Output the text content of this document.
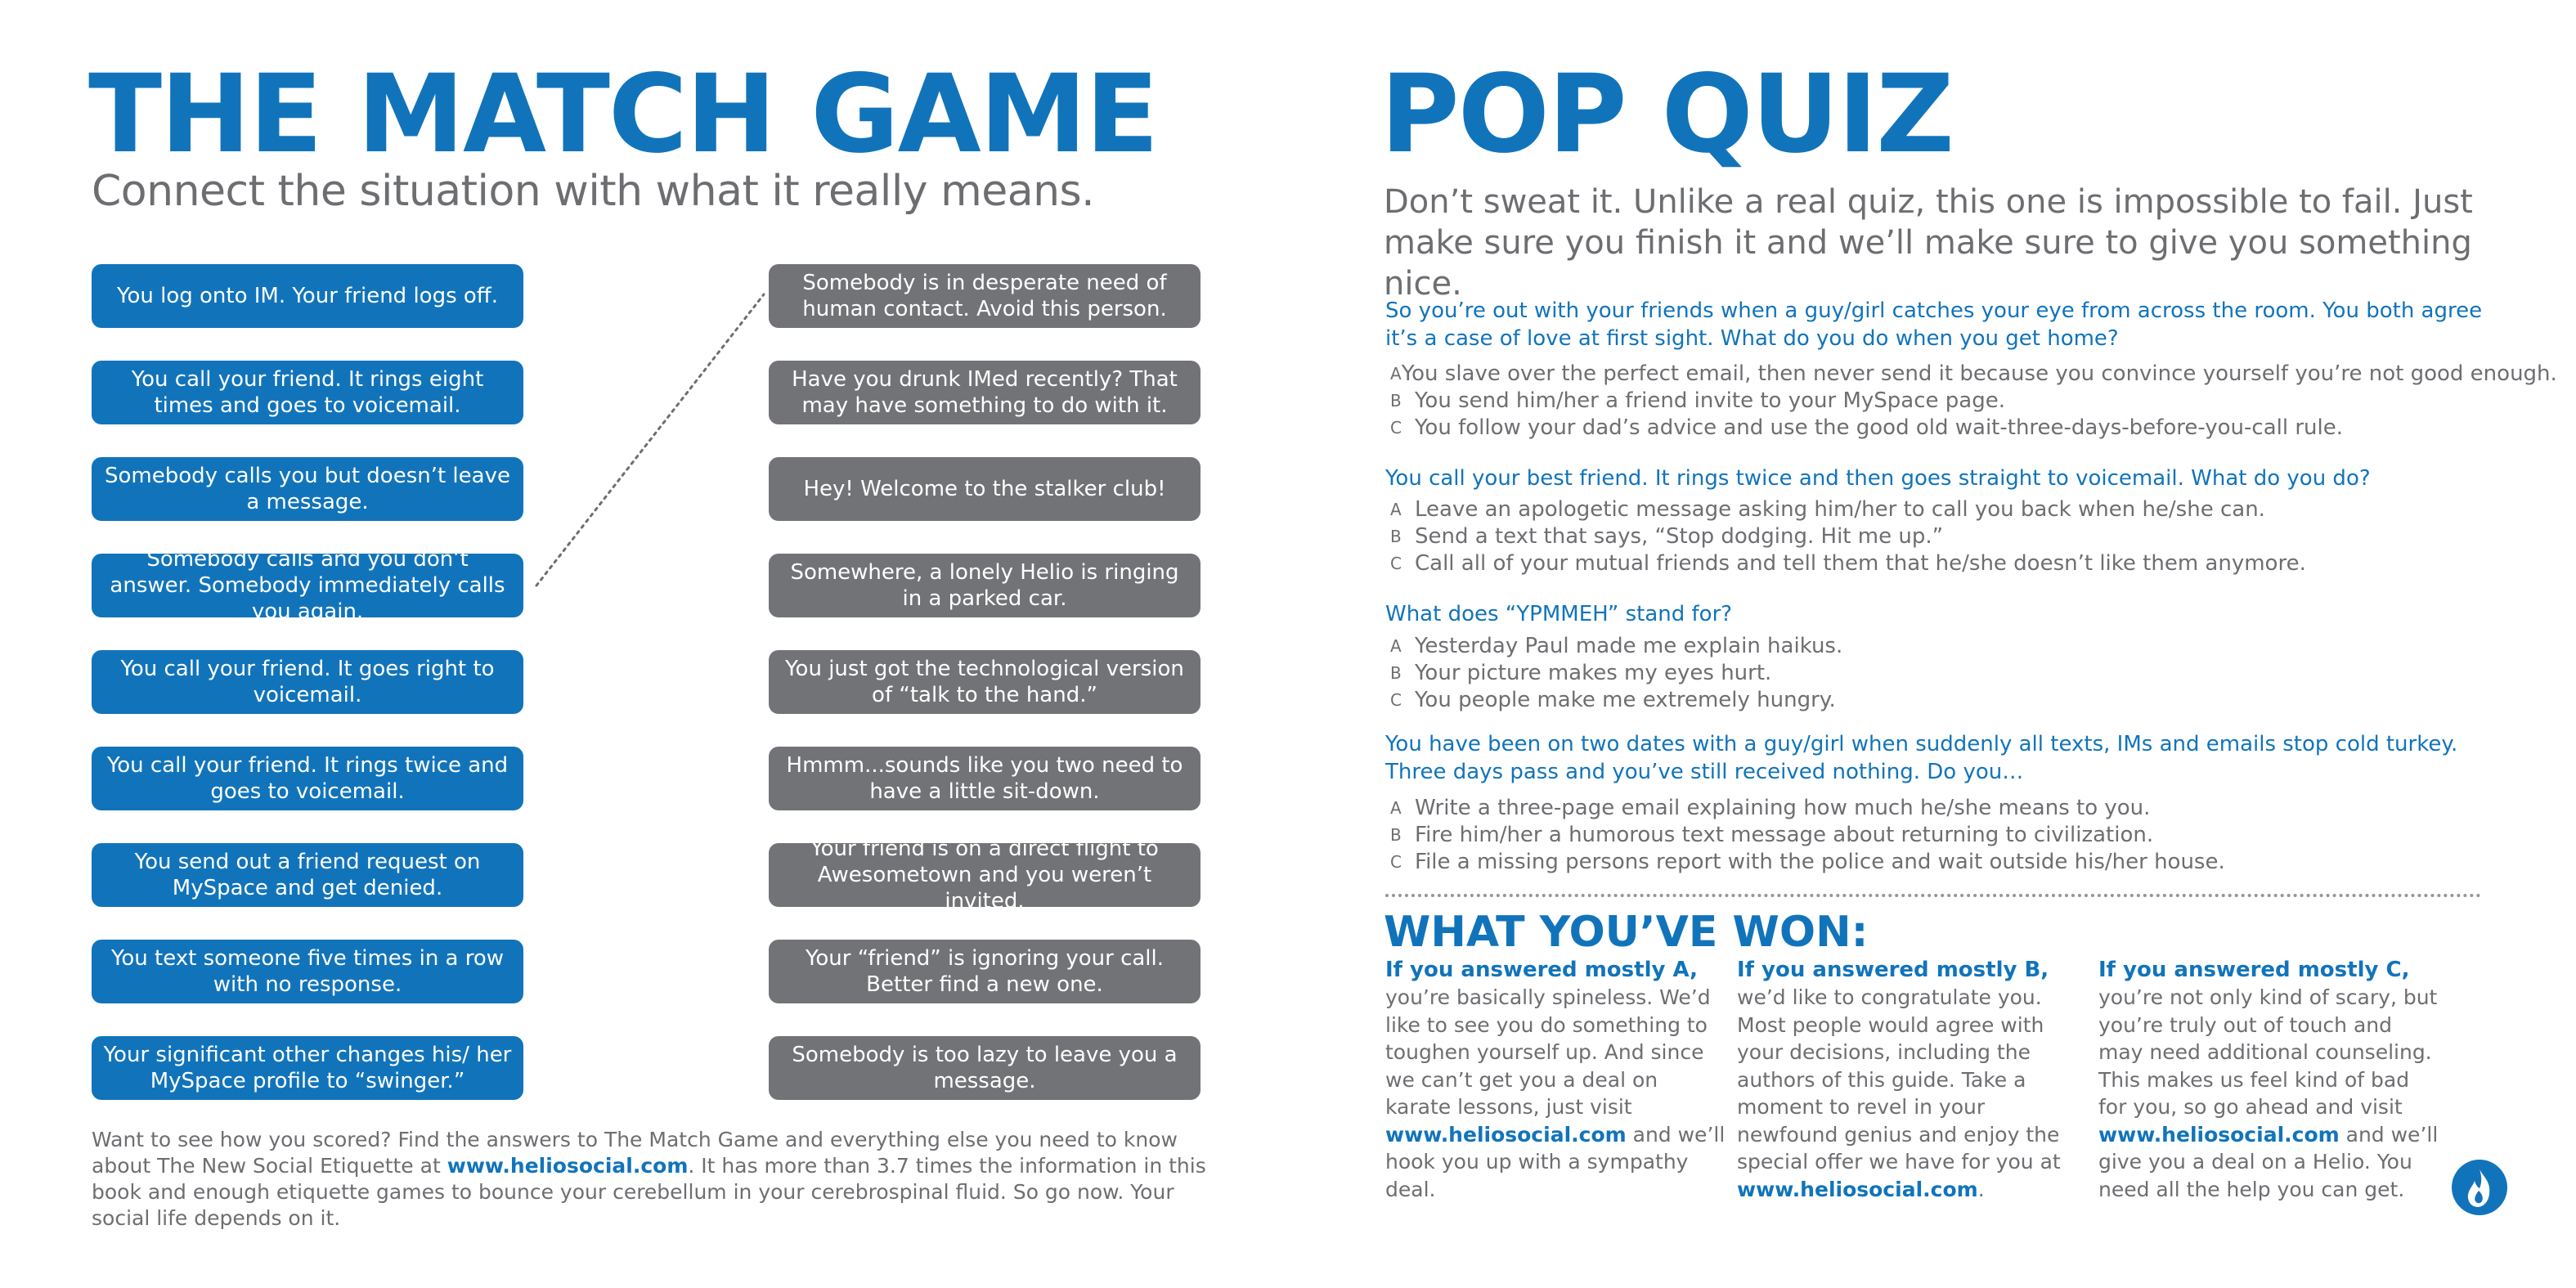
THE MATCH GAME

Connect the situation with what it really means.

You log onto IM. Your friend logs off.
You call your friend. It rings eight times and goes to voicemail.
Somebody calls you but doesn’t leave a message.
Somebody calls and you don’t answer. Somebody immediately calls you again.
You call your friend. It goes right to voicemail.
You call your friend. It rings twice and goes to voicemail.
You send out a friend request on MySpace and get denied.
You text someone five times in a row with no response.
Your significant other changes his/ her MySpace profile to “swinger.”
Somebody is in desperate need of human contact. Avoid this person.
Have you drunk IMed recently? That may have something to do with it.
Hey! Welcome to the stalker club!
Somewhere, a lonely Helio is ringing in a parked car.
You just got the technological version of “talk to the hand.”
Hmmm...sounds like you two need to have a little sit-down.
Your friend is on a direct flight to Awesometown and you weren’t invited.
Your “friend” is ignoring your call. Better find a new one.
Somebody is too lazy to leave you a message.

Want to see how you scored? Find the answers to The Match Game and everything else you need to know about The New Social Etiquette at www.heliosocial.com. It has more than 3.7 times the information in this book and enough etiquette games to bounce your cerebellum in your cerebrospinal fluid. So go now. Your social life depends on it.

POP QUIZ

Don’t sweat it. Unlike a real quiz, this one is impossible to fail. Just make sure you finish it and we’ll make sure to give you something nice.

So you’re out with your friends when a guy/girl catches your eye from across the room. You both agree it’s a case of love at first sight. What do you do when you get home?

A You slave over the perfect email, then never send it because you convince yourself you’re not good enough.
B You send him/her a friend invite to your MySpace page.
C You follow your dad’s advice and use the good old wait-three-days-before-you-call rule.

You call your best friend. It rings twice and then goes straight to voicemail. What do you do?

A Leave an apologetic message asking him/her to call you back when he/she can.
B Send a text that says, “Stop dodging. Hit me up.”
C Call all of your mutual friends and tell them that he/she doesn’t like them anymore.

What does “YPMMEH” stand for?

A Yesterday Paul made me explain haikus.
B Your picture makes my eyes hurt.
C You people make me extremely hungry.

You have been on two dates with a guy/girl when suddenly all texts, IMs and emails stop cold turkey. Three days pass and you’ve still received nothing. Do you…

A Write a three-page email explaining how much he/she means to you.
B Fire him/her a humorous text message about returning to civilization.
C File a missing persons report with the police and wait outside his/her house.
WHAT YOU’VE WON:
If you answered mostly A,
you’re basically spineless. We’d like to see you do something to toughen yourself up. And since we can’t get you a deal on karate lessons, just visit www.heliosocial.com and we’ll hook you up with a sympathy deal.
If you answered mostly B,
we’d like to congratulate you. Most people would agree with your decisions, including the authors of this guide. Take a moment to revel in your newfound genius and enjoy the special offer we have for you at www.heliosocial.com.
If you answered mostly C,
you’re not only kind of scary, but you’re truly out of touch and may need additional counseling. This makes us feel kind of bad for you, so go ahead and visit www.heliosocial.com and we’ll give you a deal on a Helio. You need all the help you can get.
